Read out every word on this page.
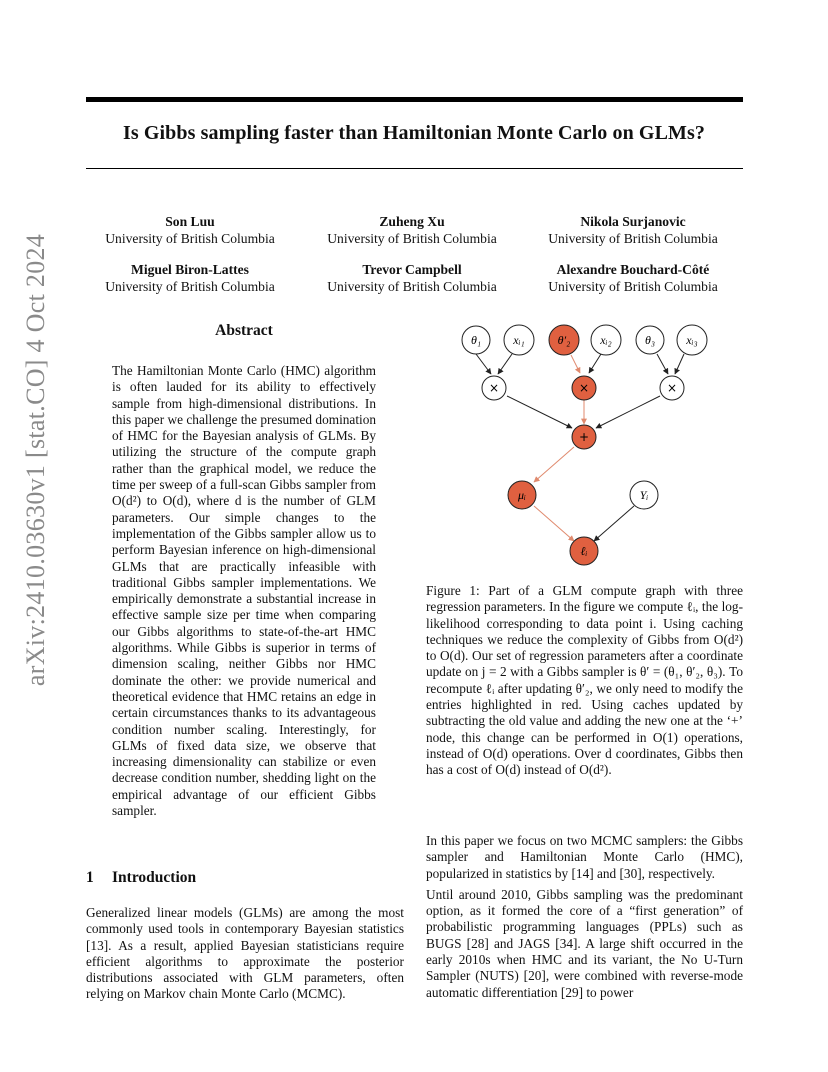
arXiv:2410.03630v1 [stat.CO] 4 Oct 2024
Is Gibbs sampling faster than Hamiltonian Monte Carlo on GLMs?
Son Luu
University of British Columbia
Zuheng Xu
University of British Columbia
Nikola Surjanovic
University of British Columbia
Miguel Biron-Lattes
University of British Columbia
Trevor Campbell
University of British Columbia
Alexandre Bouchard-Côté
University of British Columbia
Abstract
The Hamiltonian Monte Carlo (HMC) algorithm is often lauded for its ability to effectively sample from high-dimensional distributions. In this paper we challenge the presumed domination of HMC for the Bayesian analysis of GLMs. By utilizing the structure of the compute graph rather than the graphical model, we reduce the time per sweep of a full-scan Gibbs sampler from O(d²) to O(d), where d is the number of GLM parameters. Our simple changes to the implementation of the Gibbs sampler allow us to perform Bayesian inference on high-dimensional GLMs that are practically infeasible with traditional Gibbs sampler implementations. We empirically demonstrate a substantial increase in effective sample size per time when comparing our Gibbs algorithms to state-of-the-art HMC algorithms. While Gibbs is superior in terms of dimension scaling, neither Gibbs nor HMC dominate the other: we provide numerical and theoretical evidence that HMC retains an edge in certain circumstances thanks to its advantageous condition number scaling. Interestingly, for GLMs of fixed data size, we observe that increasing dimensionality can stabilize or even decrease condition number, shedding light on the empirical advantage of our efficient Gibbs sampler.
1 Introduction
Generalized linear models (GLMs) are among the most commonly used tools in contemporary Bayesian statistics [13]. As a result, applied Bayesian statisticians require efficient algorithms to approximate the posterior distributions associated with GLM parameters, often relying on Markov chain Monte Carlo (MCMC).
θ₁	xᵢ₁	θ′₂ xᵢ₂	θ₃	xᵢ₃
×	×	×
+
μᵢ	Yᵢ
ℓᵢ
Figure 1: Part of a GLM compute graph with three regression parameters. In the figure we compute ℓᵢ, the log-likelihood corresponding to data point i. Using caching techniques we reduce the complexity of Gibbs from O(d²) to O(d). Our set of regression parameters after a coordinate update on j = 2 with a Gibbs sampler is θ′ = (θ₁, θ′₂, θ₃). To recompute ℓᵢ after updating θ′₂, we only need to modify the entries highlighted in red. Using caches updated by subtracting the old value and adding the new one at the ‘+’ node, this change can be performed in O(1) operations, instead of O(d) operations. Over d coordinates, Gibbs then has a cost of O(d) instead of O(d²).

In this paper we focus on two MCMC samplers: the Gibbs sampler and Hamiltonian Monte Carlo (HMC), popularized in statistics by [14] and [30], respectively.

Until around 2010, Gibbs sampling was the predominant option, as it formed the core of a “first generation” of probabilistic programming languages (PPLs) such as BUGS [28] and JAGS [34]. A large shift occurred in the early 2010s when HMC and its variant, the No U-Turn Sampler (NUTS) [20], were combined with reverse-mode automatic differentiation [29] to power
